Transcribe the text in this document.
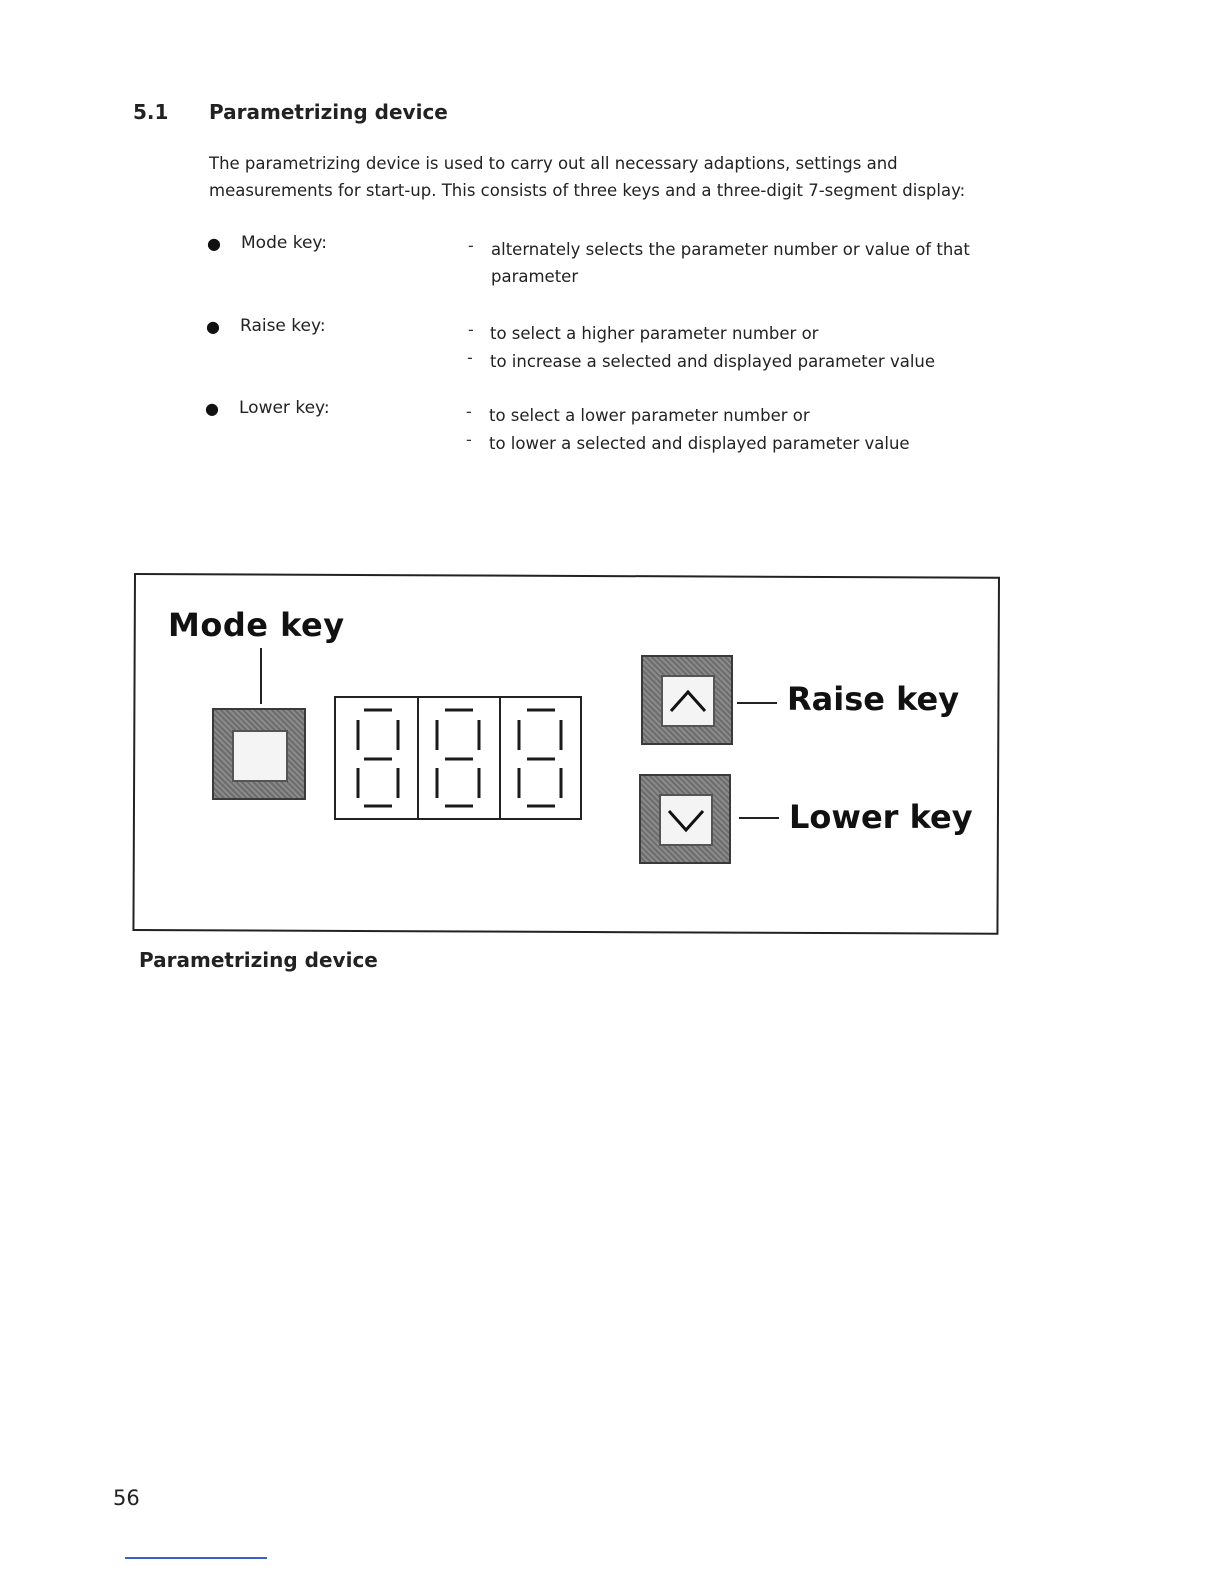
5.1 Parametrizing device
The parametrizing device is used to carry out all necessary adaptions, settings and measurements for start-up. This consists of three keys and a three-digit 7-segment display:
● Mode key:	- alternately selects the parameter number or value of that parameter
● Raise key:	- to select a higher parameter number or
- to increase a selected and displayed parameter value
● Lower key:	- to select a lower parameter number or
- to lower a selected and displayed parameter value
Mode key
Raise key
Lower key
Parametrizing device
56
